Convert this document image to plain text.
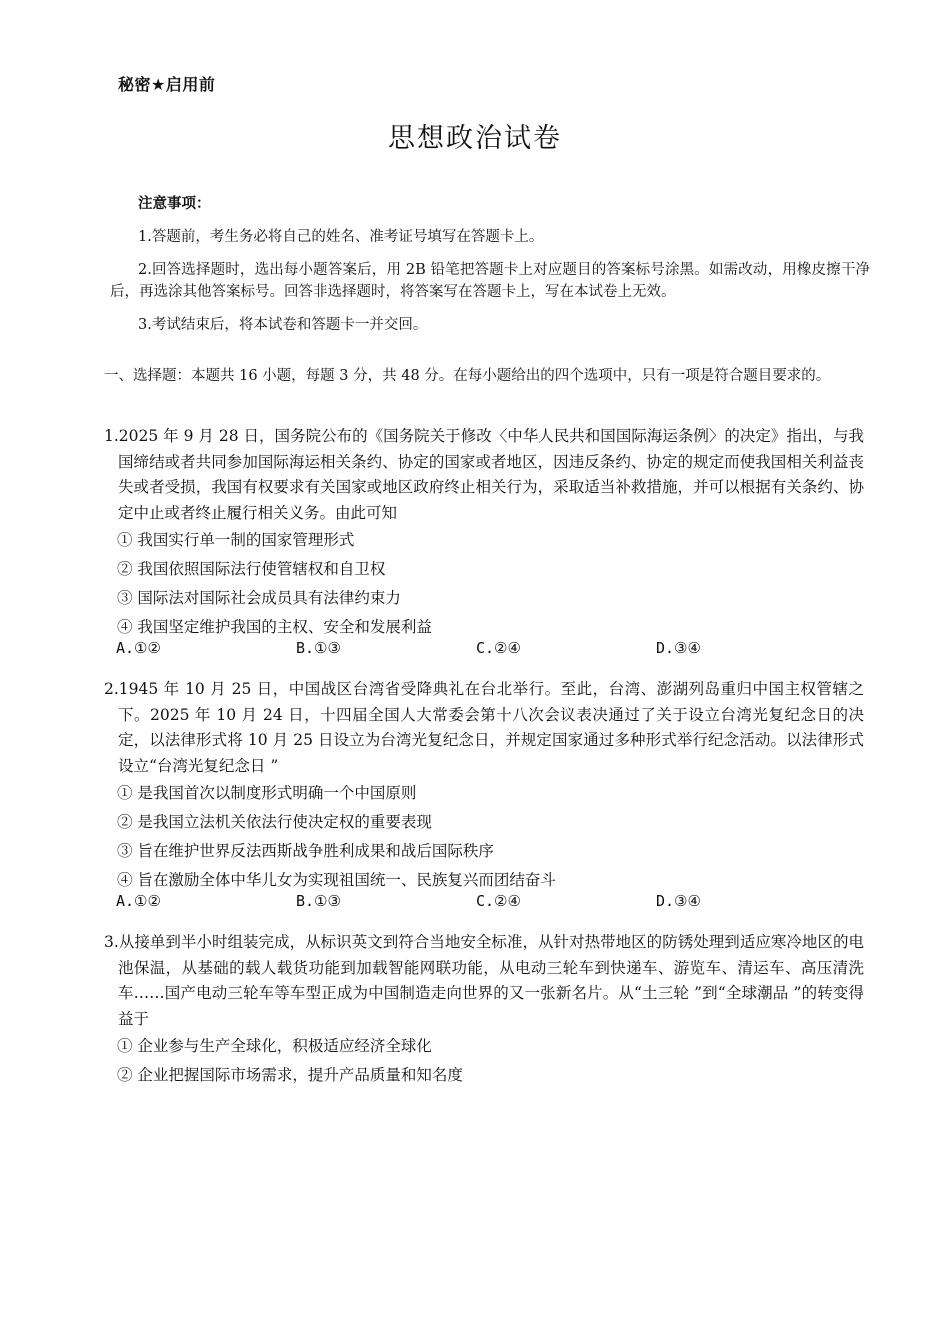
秘密★启用前
思想政治试卷
注意事项：
1.答题前，考生务必将自己的姓名、准考证号填写在答题卡上。
2.回答选择题时，选出每小题答案后，用 2B 铅笔把答题卡上对应题目的答案标号涂黑。如需改动，用橡皮擦干净后，再选涂其他答案标号。回答非选择题时，将答案写在答题卡上，写在本试卷上无效。
3.考试结束后，将本试卷和答题卡一并交回。
一、选择题：本题共 16 小题，每题 3 分，共 48 分。在每小题给出的四个选项中，只有一项是符合题目要求的。
1.2025 年 9 月 28 日，国务院公布的《国务院关于修改〈中华人民共和国国际海运条例〉的决定》指出，与我国缔结或者共同参加国际海运相关条约、协定的国家或者地区，因违反条约、协定的规定而使我国相关利益丧失或者受损，我国有权要求有关国家或地区政府终止相关行为，采取适当补救措施，并可以根据有关条约、协定中止或者终止履行相关义务。由此可知
① 我国实行单一制的国家管理形式
② 我国依照国际法行使管辖权和自卫权
③ 国际法对国际社会成员具有法律约束力
④ 我国坚定维护我国的主权、安全和发展利益
A.①②	B.①③	C.②④	D.③④
2.1945 年 10 月 25 日，中国战区台湾省受降典礼在台北举行。至此，台湾、澎湖列岛重归中国主权管辖之下。2025 年 10 月 24 日，十四届全国人大常委会第十八次会议表决通过了关于设立台湾光复纪念日的决定，以法律形式将 10 月 25 日设立为台湾光复纪念日，并规定国家通过多种形式举行纪念活动。以法律形式设立“台湾光复纪念日 ”
① 是我国首次以制度形式明确一个中国原则
② 是我国立法机关依法行使决定权的重要表现
③ 旨在维护世界反法西斯战争胜利成果和战后国际秩序
④ 旨在激励全体中华儿女为实现祖国统一、民族复兴而团结奋斗
A.①②	B.①③	C.②④	D.③④
3.从接单到半小时组装完成，从标识英文到符合当地安全标准，从针对热带地区的防锈处理到适应寒冷地区的电池保温，从基础的载人载货功能到加载智能网联功能，从电动三轮车到快递车、游览车、清运车、高压清洗车……国产电动三轮车等车型正成为中国制造走向世界的又一张新名片。从“土三轮 ”到“全球潮品 ”的转变得益于
① 企业参与生产全球化，积极适应经济全球化
② 企业把握国际市场需求，提升产品质量和知名度
